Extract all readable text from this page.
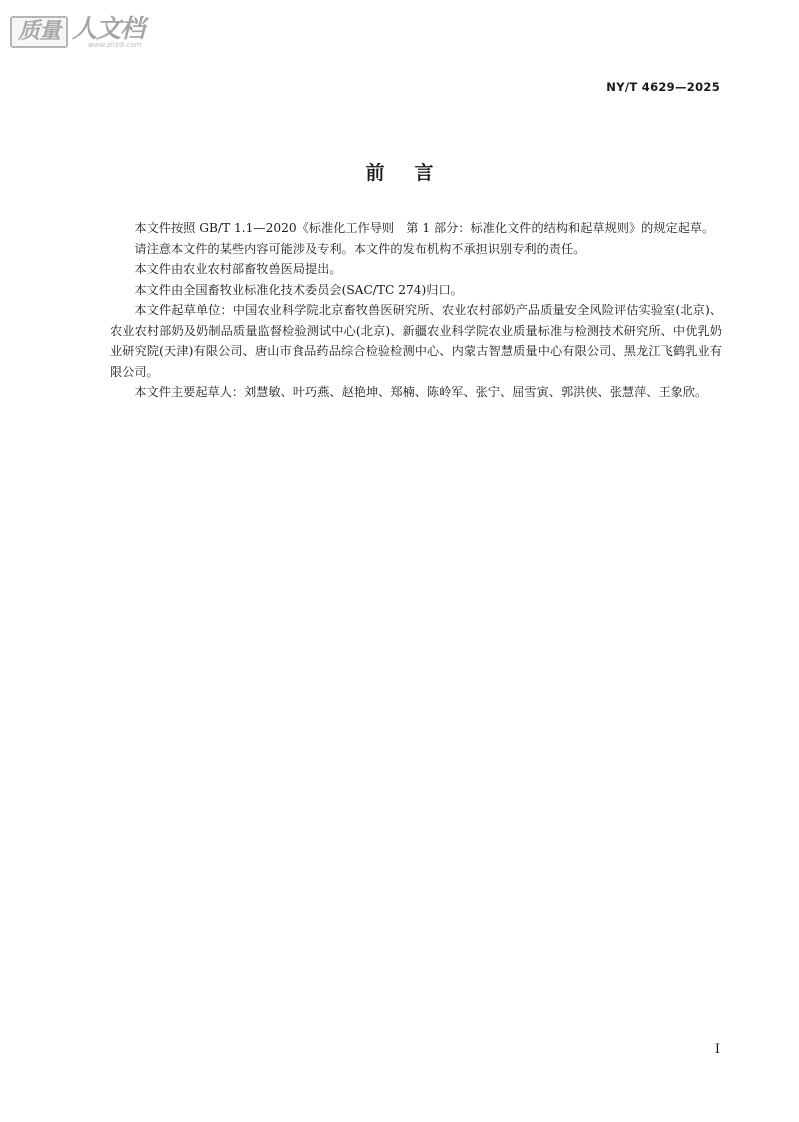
质量 人文档
www.zlrb9.com
NY/T 4629—2025
前言

本文件按照 GB/T 1.1—2020《标准化工作导则　第 1 部分：标准化文件的结构和起草规则》的规定起草。

请注意本文件的某些内容可能涉及专利。本文件的发布机构不承担识别专利的责任。

本文件由农业农村部畜牧兽医局提出。

本文件由全国畜牧业标准化技术委员会(SAC/TC 274)归口。

本文件起草单位：中国农业科学院北京畜牧兽医研究所、农业农村部奶产品质量安全风险评估实验室(北京)、农业农村部奶及奶制品质量监督检验测试中心(北京)、新疆农业科学院农业质量标准与检测技术研究所、中优乳奶业研究院(天津)有限公司、唐山市食品药品综合检验检测中心、内蒙古智慧质量中心有限公司、黑龙江飞鹤乳业有限公司。

本文件主要起草人：刘慧敏、叶巧燕、赵艳坤、郑楠、陈岭军、张宁、屈雪寅、郭洪侠、张慧萍、王象欣。

I
